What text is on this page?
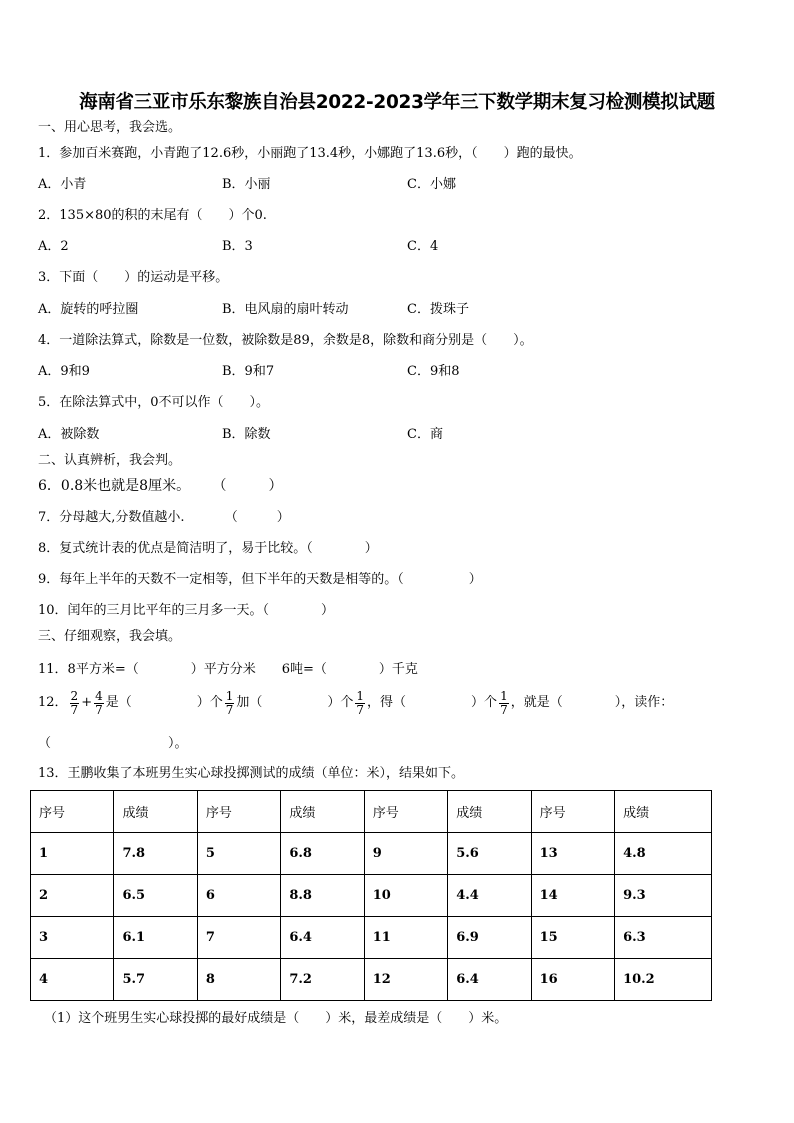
海南省三亚市乐东黎族自治县2022-2023学年三下数学期末复习检测模拟试题
一、用心思考，我会选。
1．参加百米赛跑，小青跑了12.6秒，小丽跑了13.4秒，小娜跑了13.6秒，（　　）跑的最快。
A．小青	B．小丽	C．小娜
2．135×80的积的末尾有（　　）个0.
A．2	B．3	C．4
3．下面（　　）的运动是平移。
A．旋转的呼拉圈	B．电风扇的扇叶转动	C．拨珠子
4．一道除法算式，除数是一位数，被除数是89，余数是8，除数和商分别是（　　）。
A．9和9	B．9和7	C．9和8
5．在除法算式中，0不可以作（　　）。
A．被除数	B．除数	C．商
二、认真辨析，我会判。
6．0.8米也就是8厘米。 （　　　）
7．分母越大,分数值越小.	（　　　）
8．复式统计表的优点是简洁明了，易于比较。（　　　　）
9．每年上半年的天数不一定相等，但下半年的天数是相等的。（　　　　　）
10．闰年的三月比平年的三月多一天。（　　　　）
三、仔细观察，我会填。
11．8平方米=（　　　　）平方分米　　6吨=（　　　　）千克
12． $\frac{2}{7} + \frac{4}{7}$ 是（　　　　　）个 $\frac{1}{7}$ 加（　　　　　）个 $\frac{1}{7}$ ，得（　　　　　）个 $\frac{1}{7}$ ，就是（　　　　），读作：
（　　　　　　　　　）。
13．王鹏收集了本班男生实心球投掷测试的成绩（单位：米），结果如下。
序号	成绩	序号	成绩	序号	成绩	序号	成绩
1	7.8	5	6.8	9	5.6	13	4.8
2	6.5	6	8.8	10	4.4	14	9.3
3	6.1	7	6.4	11	6.9	15	6.3
4	5.7	8	7.2	12	6.4	16	10.2
（1）这个班男生实心球投掷的最好成绩是（　　）米，最差成绩是（　　）米。
